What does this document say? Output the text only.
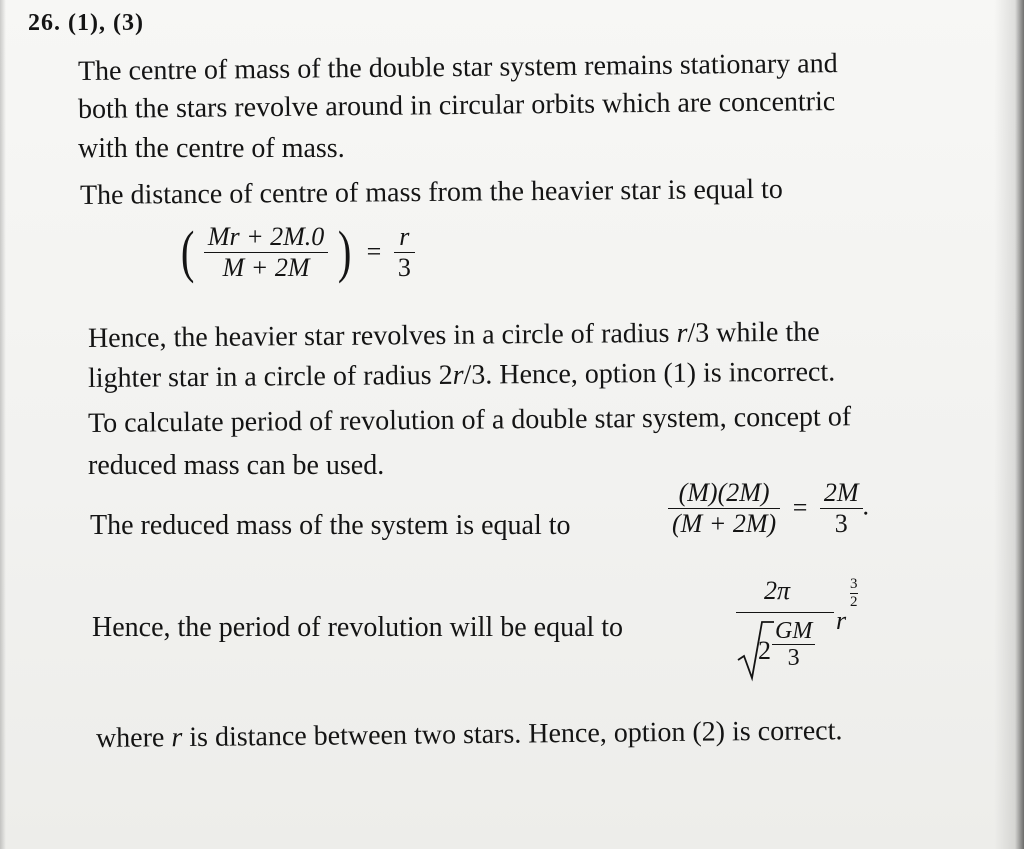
26. (1), (3)
The centre of mass of the double star system remains stationary and
both the stars revolve around in circular orbits which are concentric
with the centre of mass.
The distance of centre of mass from the heavier star is equal to
( $\frac{Mr + 2M.0}{M + 2M}$ ) = $\frac{r}{3}$
Hence, the heavier star revolves in a circle of radius r/3 while the
lighter star in a circle of radius 2r/3. Hence, option (1) is incorrect.
To calculate period of revolution of a double star system, concept of
reduced mass can be used.
The reduced mass of the system is equal to	$\frac{(M)(2M)}{(M + 2M)} = \frac{2M}{3}$ .
Hence, the period of revolution will be equal to
2π
2
GM
3
r
3
2
where r is distance between two stars. Hence, option (2) is correct.
